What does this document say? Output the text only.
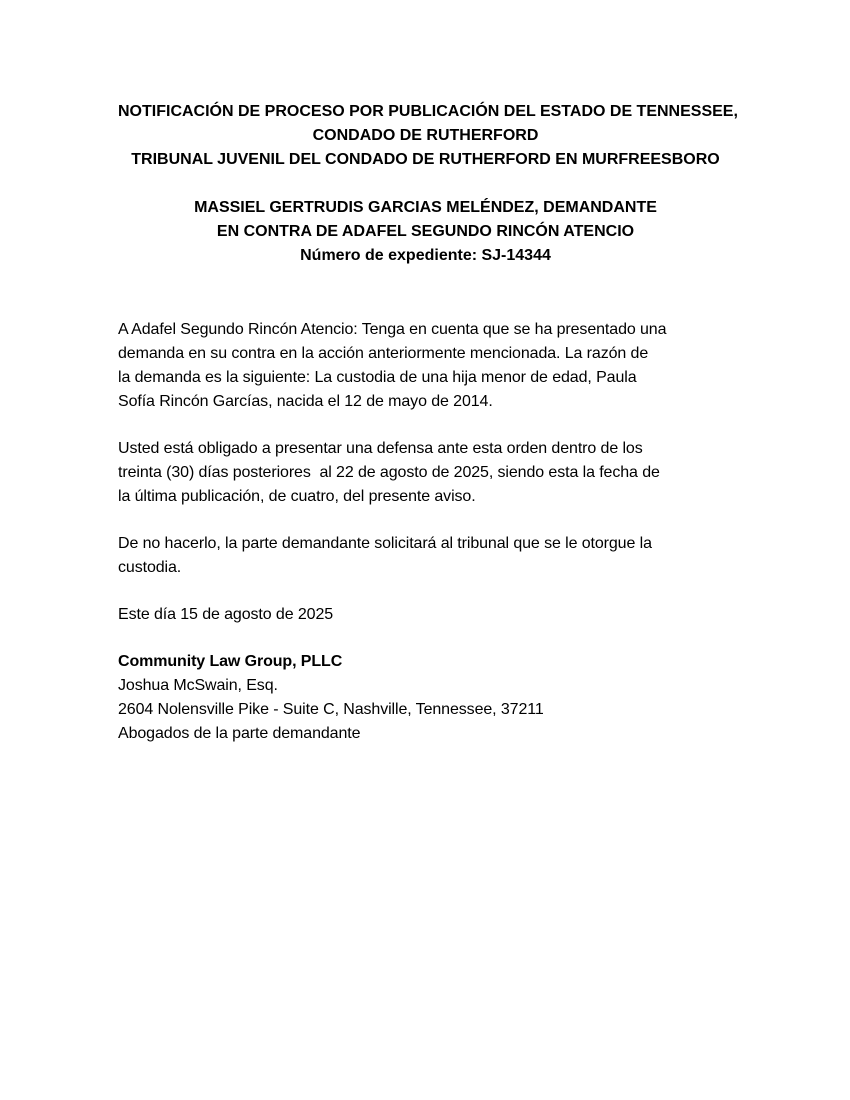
NOTIFICACIÓN DE PROCESO POR PUBLICACIÓN DEL ESTADO DE TENNESSEE,
CONDADO DE RUTHERFORD
TRIBUNAL JUVENIL DEL CONDADO DE RUTHERFORD EN MURFREESBORO
MASSIEL GERTRUDIS GARCIAS MELÉNDEZ, DEMANDANTE
EN CONTRA DE ADAFEL SEGUNDO RINCÓN ATENCIO
Número de expediente: SJ-14344

A Adafel Segundo Rincón Atencio: Tenga en cuenta que se ha presentado una
demanda en su contra en la acción anteriormente mencionada. La razón de
la demanda es la siguiente: La custodia de una hija menor de edad, Paula
Sofía Rincón Garcías, nacida el 12 de mayo de 2014.

Usted está obligado a presentar una defensa ante esta orden dentro de los
treinta (30) días posteriores  al 22 de agosto de 2025, siendo esta la fecha de
la última publicación, de cuatro, del presente aviso.

De no hacerlo, la parte demandante solicitará al tribunal que se le otorgue la
custodia.

Este día 15 de agosto de 2025

Community Law Group, PLLC
Joshua McSwain, Esq.
2604 Nolensville Pike - Suite C, Nashville, Tennessee, 37211
Abogados de la parte demandante
